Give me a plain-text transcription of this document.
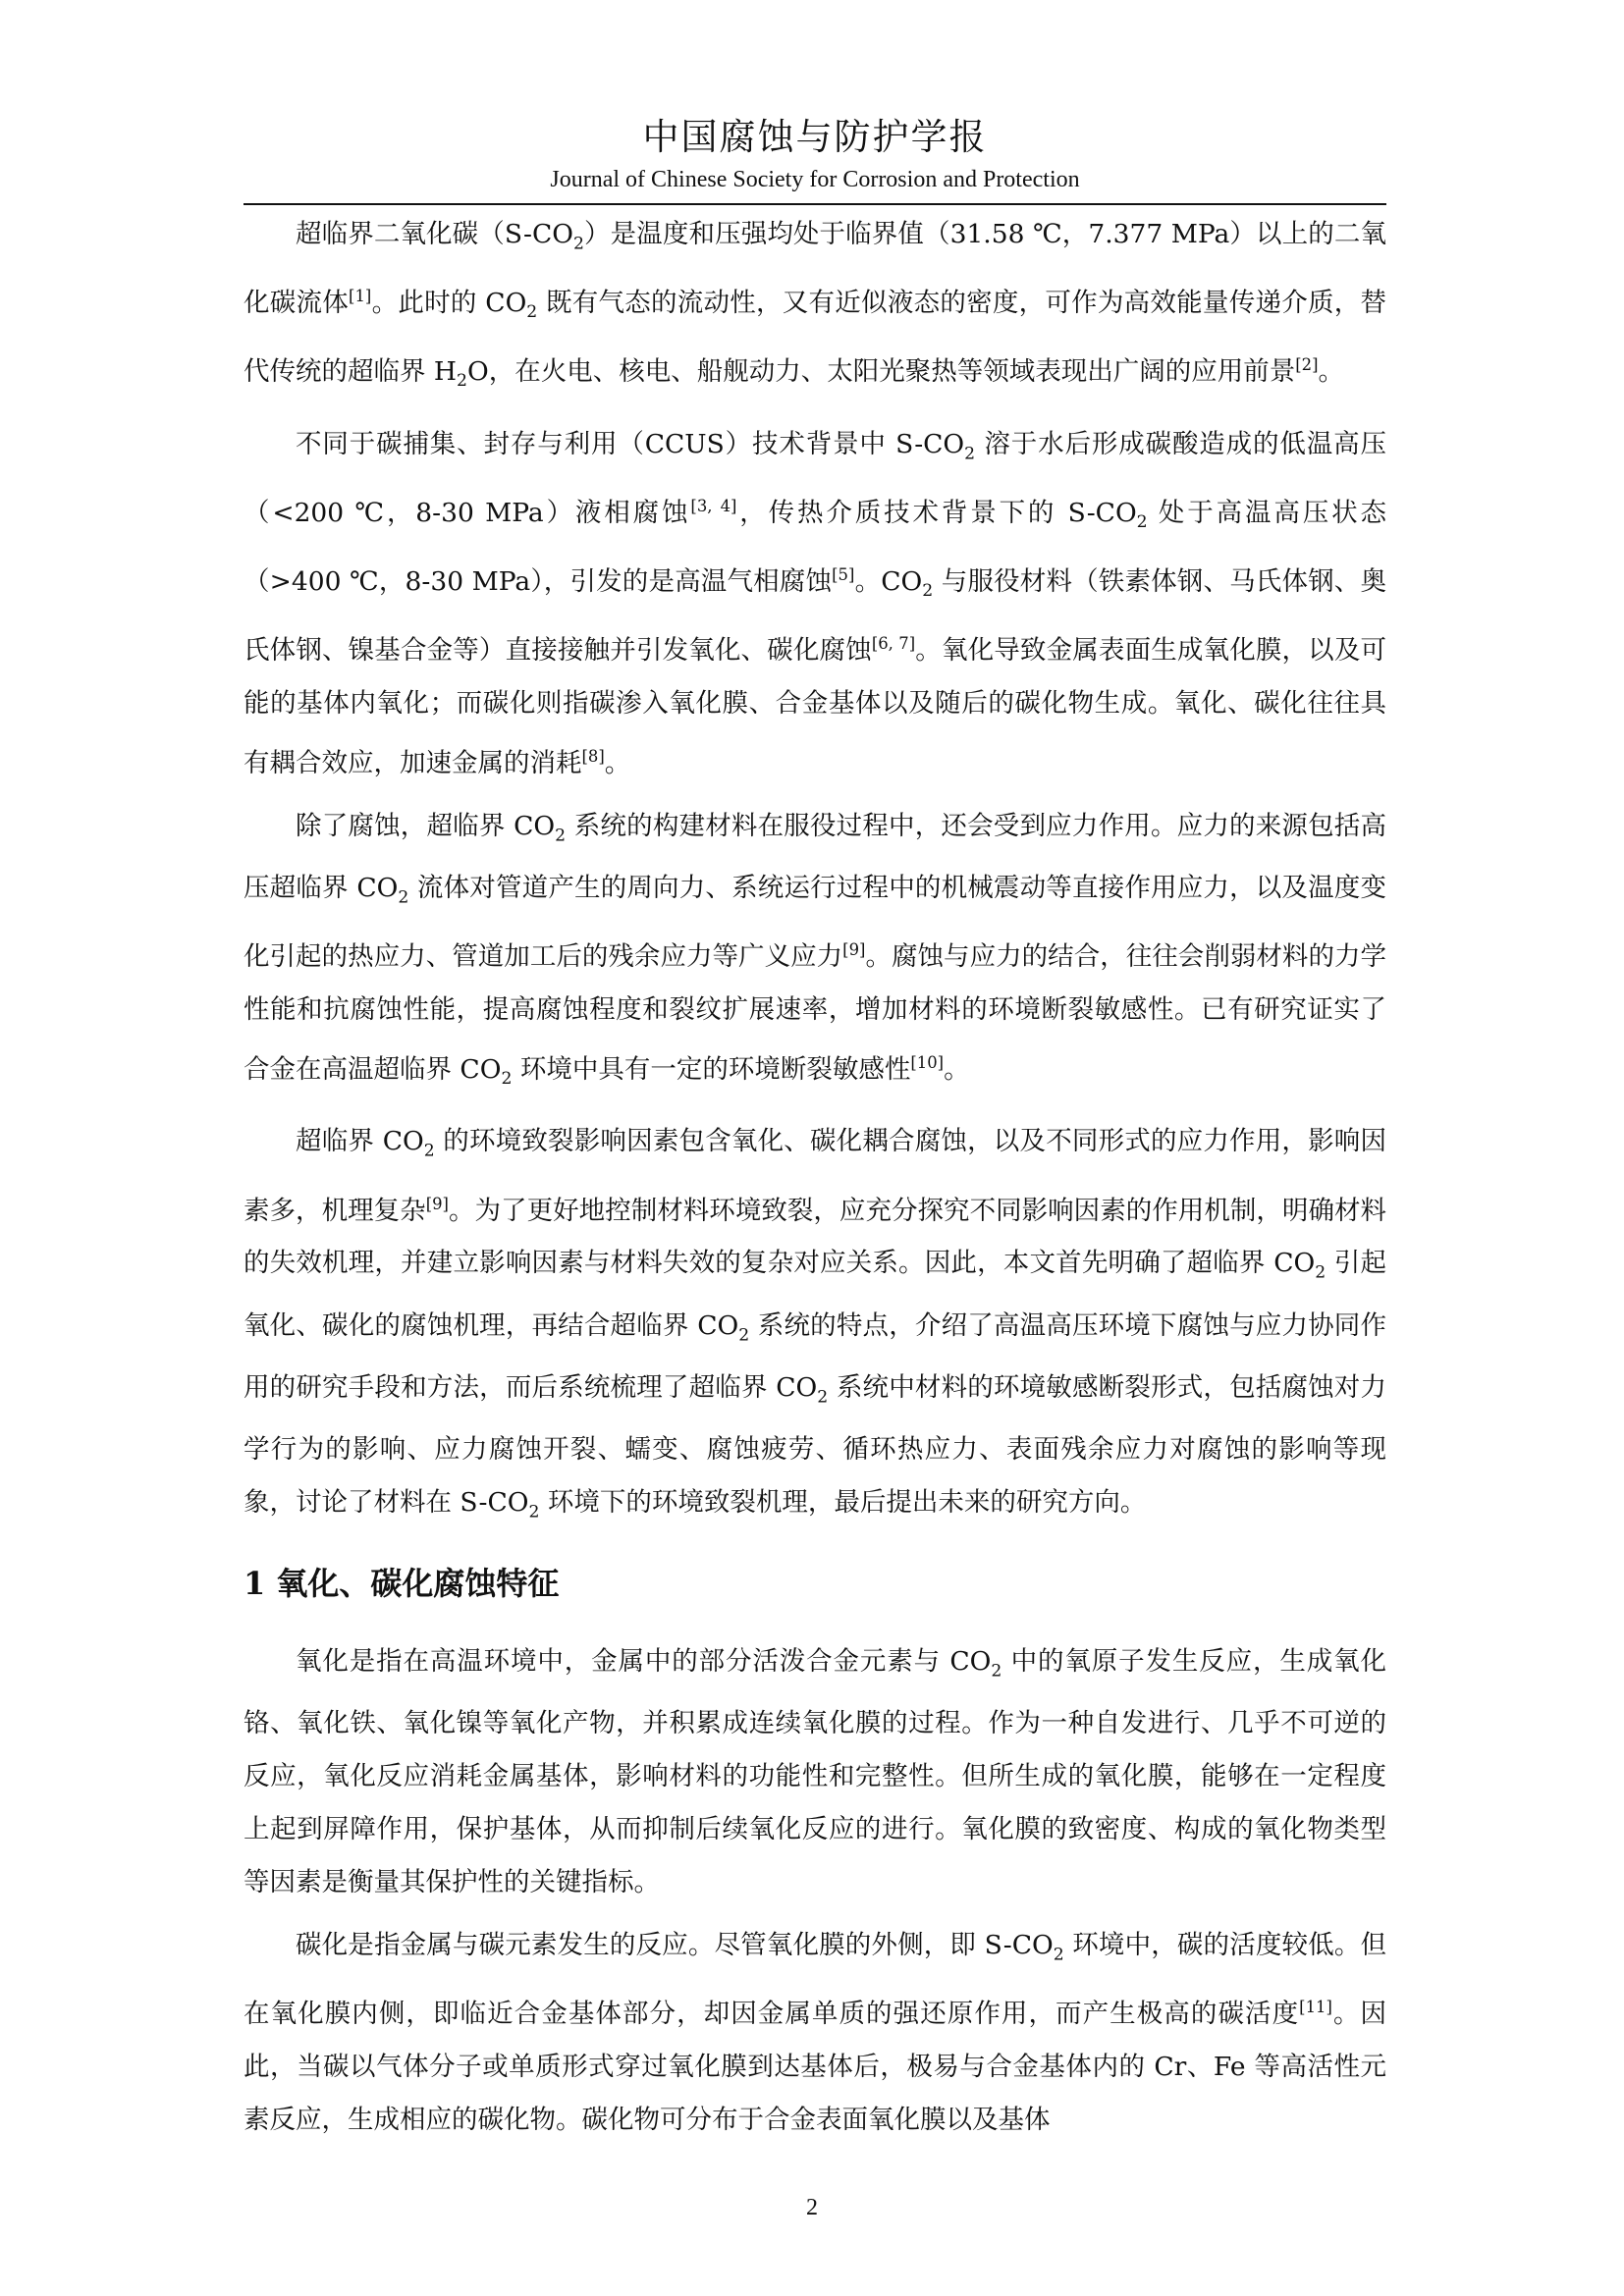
中国腐蚀与防护学报
Journal of Chinese Society for Corrosion and Protection

超临界二氧化碳$(S-CO_2)$是温度和压强均处于临界值（31.58 ℃，7.377 MPa）以上的二氧化碳流体[1]。此时的 $CO_2$ 既有气态的流动性，又有近似液态的密度，可作为高效能量传递介质，替代传统的超临界 $H_2O$，在火电、核电、船舰动力、太阳光聚热等领域表现出广阔的应用前景[2]。

不同于碳捕集、封存与利用（CCUS）技术背景中 $S-CO_2$ 溶于水后形成碳酸造成的低温高压（<200 ℃，8-30 MPa）液相腐蚀[3, 4]，传热介质技术背景下的 $S-CO_2$ 处于高温高压状态（>400 ℃，8-30 MPa），引发的是高温气相腐蚀[5]。$CO_2$ 与服役材料（铁素体钢、马氏体钢、奥氏体钢、镍基合金等）直接接触并引发氧化、碳化腐蚀[6, 7]。氧化导致金属表面生成氧化膜，以及可能的基体内氧化；而碳化则指碳渗入氧化膜、合金基体以及随后的碳化物生成。氧化、碳化往往具有耦合效应，加速金属的消耗[8]。

除了腐蚀，超临界 $CO_2$ 系统的构建材料在服役过程中，还会受到应力作用。应力的来源包括高压超临界 $CO_2$ 流体对管道产生的周向力、系统运行过程中的机械震动等直接作用应力，以及温度变化引起的热应力、管道加工后的残余应力等广义应力[9]。腐蚀与应力的结合，往往会削弱材料的力学性能和抗腐蚀性能，提高腐蚀程度和裂纹扩展速率，增加材料的环境断裂敏感性。已有研究证实了合金在高温超临界 $CO_2$ 环境中具有一定的环境断裂敏感性[10]。

超临界 $CO_2$ 的环境致裂影响因素包含氧化、碳化耦合腐蚀，以及不同形式的应力作用，影响因素多，机理复杂[9]。为了更好地控制材料环境致裂，应充分探究不同影响因素的作用机制，明确材料的失效机理，并建立影响因素与材料失效的复杂对应关系。因此，本文首先明确了超临界 $CO_2$ 引起氧化、碳化的腐蚀机理，再结合超临界 $CO_2$ 系统的特点，介绍了高温高压环境下腐蚀与应力协同作用的研究手段和方法，而后系统梳理了超临界 $CO_2$ 系统中材料的环境敏感断裂形式，包括腐蚀对力学行为的影响、应力腐蚀开裂、蠕变、腐蚀疲劳、循环热应力、表面残余应力对腐蚀的影响等现象，讨论了材料在 $S-CO_2$ 环境下的环境致裂机理，最后提出未来的研究方向。

1 氧化、碳化腐蚀特征

氧化是指在高温环境中，金属中的部分活泼合金元素与 $CO_2$ 中的氧原子发生反应，生成氧化铬、氧化铁、氧化镍等氧化产物，并积累成连续氧化膜的过程。作为一种自发进行、几乎不可逆的反应，氧化反应消耗金属基体，影响材料的功能性和完整性。但所生成的氧化膜，能够在一定程度上起到屏障作用，保护基体，从而抑制后续氧化反应的进行。氧化膜的致密度、构成的氧化物类型等因素是衡量其保护性的关键指标。

碳化是指金属与碳元素发生的反应。尽管氧化膜的外侧，即 $S-CO_2$ 环境中，碳的活度较低。但在氧化膜内侧，即临近合金基体部分，却因金属单质的强还原作用，而产生极高的碳活度[11]。因此，当碳以气体分子或单质形式穿过氧化膜到达基体后，极易与合金基体内的 Cr、Fe 等高活性元素反应，生成相应的碳化物。碳化物可分布于合金表面氧化膜以及基体

2
